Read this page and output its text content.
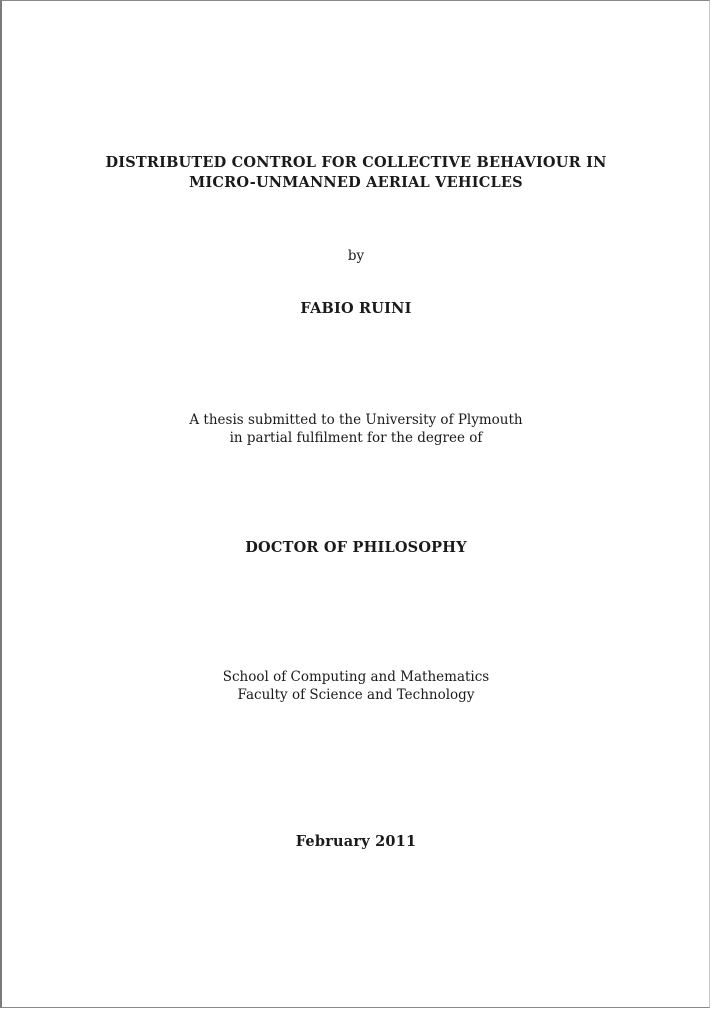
DISTRIBUTED CONTROL FOR COLLECTIVE BEHAVIOUR IN
MICRO-UNMANNED AERIAL VEHICLES
by
FABIO RUINI
A thesis submitted to the University of Plymouth
in partial fulfilment for the degree of
DOCTOR OF PHILOSOPHY
School of Computing and Mathematics
Faculty of Science and Technology
February 2011
